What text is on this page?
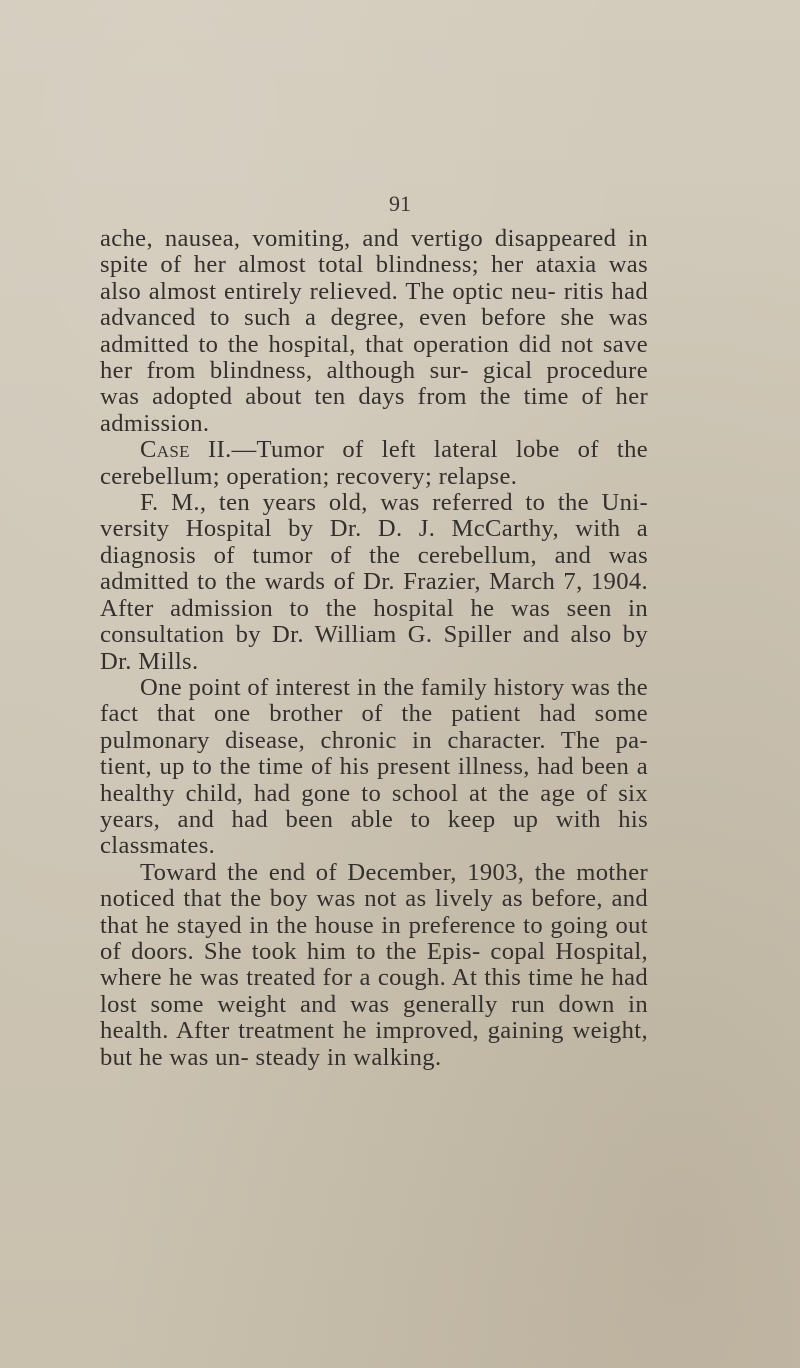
91

ache, nausea, vomiting, and vertigo disappeared in spite of her almost total blindness; her ataxia was also almost entirely relieved. The optic neu- ritis had advanced to such a degree, even before she was admitted to the hospital, that operation did not save her from blindness, although sur- gical procedure was adopted about ten days from the time of her admission.

Case II.—Tumor of left lateral lobe of the cerebellum; operation; recovery; relapse.

F. M., ten years old, was referred to the Uni- versity Hospital by Dr. D. J. McCarthy, with a diagnosis of tumor of the cerebellum, and was admitted to the wards of Dr. Frazier, March 7, 1904. After admission to the hospital he was seen in consultation by Dr. William G. Spiller and also by Dr. Mills.

One point of interest in the family history was the fact that one brother of the patient had some pulmonary disease, chronic in character. The pa- tient, up to the time of his present illness, had been a healthy child, had gone to school at the age of six years, and had been able to keep up with his classmates.

Toward the end of December, 1903, the mother noticed that the boy was not as lively as before, and that he stayed in the house in preference to going out of doors. She took him to the Epis- copal Hospital, where he was treated for a cough. At this time he had lost some weight and was generally run down in health. After treatment he improved, gaining weight, but he was un- steady in walking.
